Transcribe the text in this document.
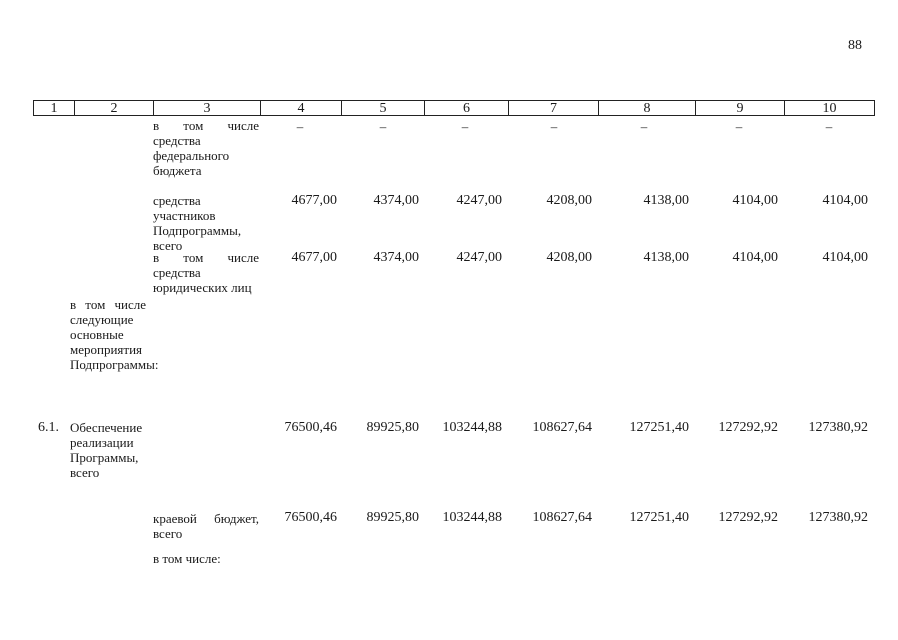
88
1	2	3	4	5	6	7	8	9	10
в том числе средства федерального бюджета
–	–	–	–	–	–	–
средства участников Подпрограммы, всего
4677,00	4374,00	4247,00	4208,00	4138,00	4104,00	4104,00
в том числе средства юридических лиц
4677,00	4374,00	4247,00	4208,00	4138,00	4104,00	4104,00
в том числе следующие основные мероприятия Подпрограммы:
6.1. Обеспечение реализации Программы, всего
76500,46 89925,80 103244,88 108627,64	127251,40 127292,92 127380,92
краевой бюджет, всего
76500,46 89925,80 103244,88 108627,64	127251,40 127292,92 127380,92
в том числе:
